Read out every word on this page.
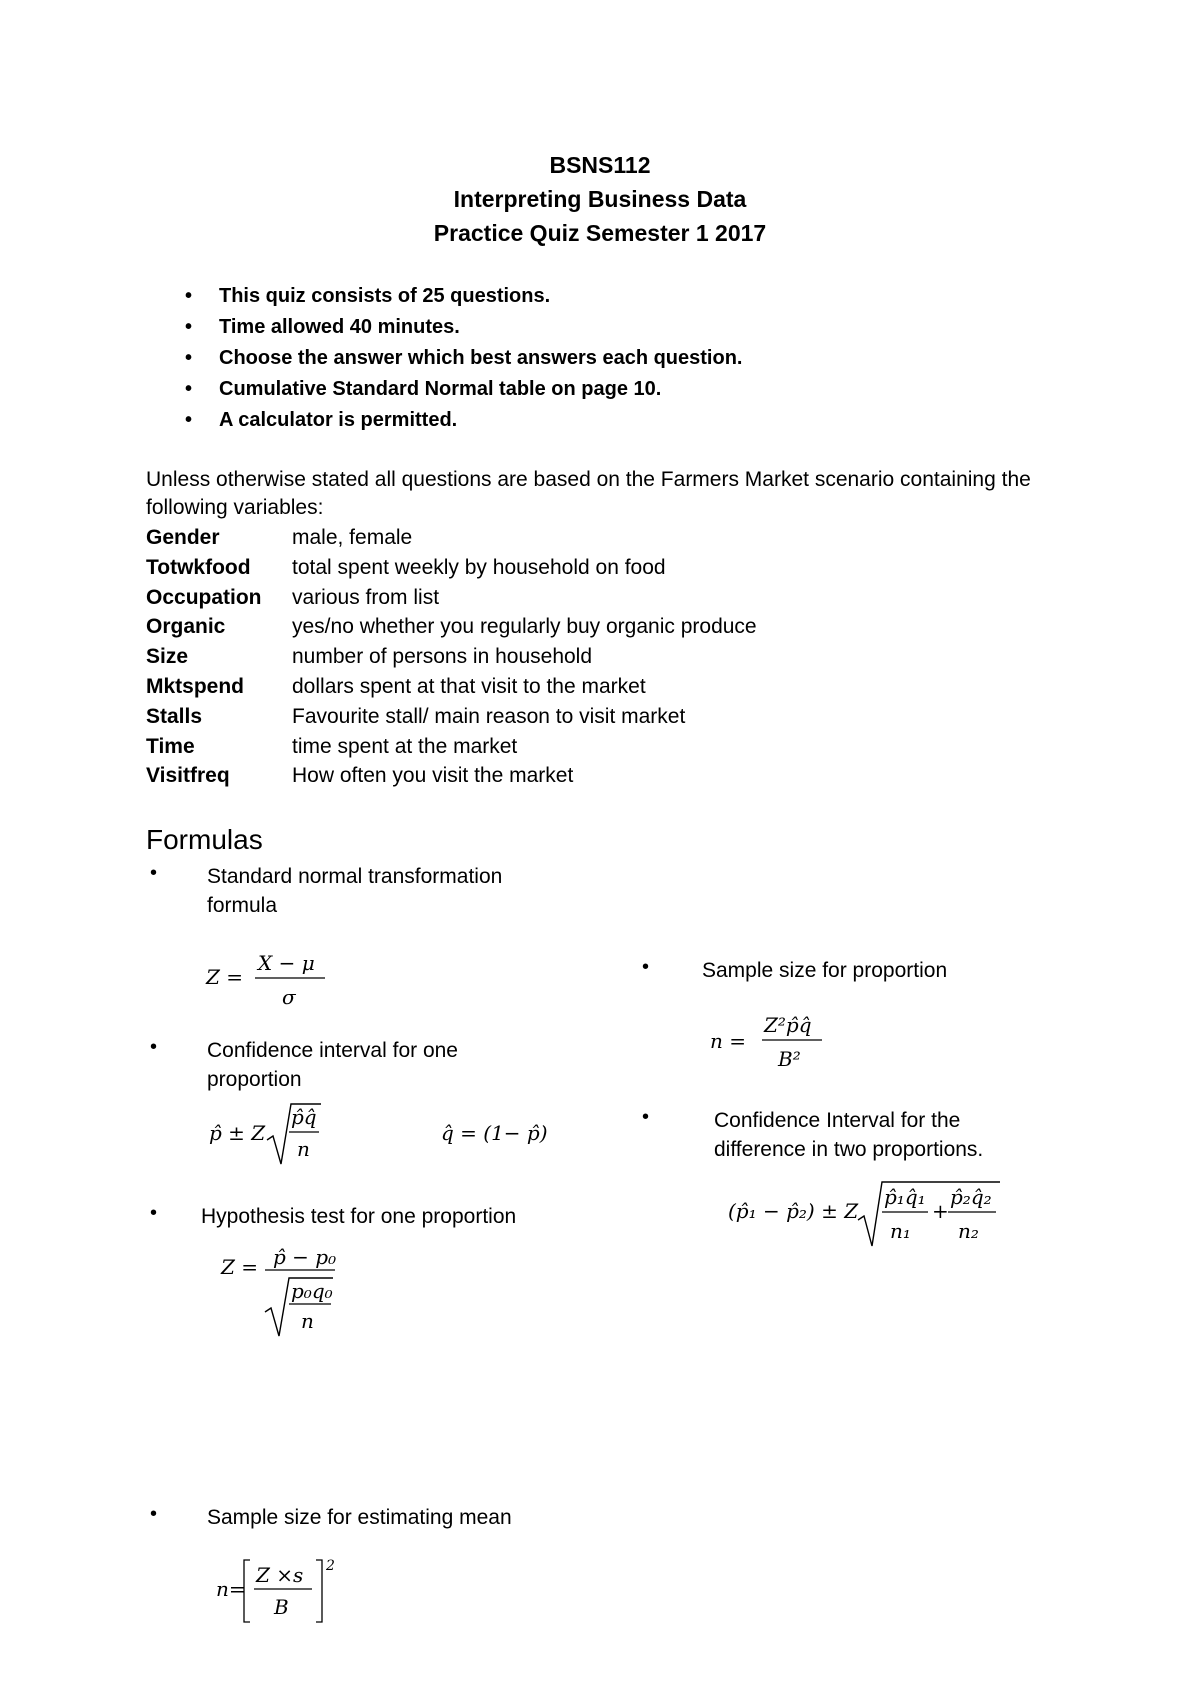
BSNS112
Interpreting Business Data
Practice Quiz Semester 1 2017
• This quiz consists of 25 questions.
• Time allowed 40 minutes.
• Choose the answer which best answers each question.
• Cumulative Standard Normal table on page 10.
• A calculator is permitted.
Unless otherwise stated all questions are based on the Farmers Market scenario containing the following variables:
Gender	male, female
Totwkfood	total spent weekly by household on food
Occupation	various from list
Organic	yes/no whether you regularly buy organic produce
Size	number of persons in household
Mktspend	dollars spent at that visit to the market
Stalls	Favourite stall/ main reason to visit market
Time	time spent at the market
Visitfreq	How often you visit the market
Formulas
• Standard normal transformation
formula
Z =
X − μ
σ
• Confidence interval for one
proportion
p̂ ± Z
p̂q̂
n
q̂ = (1− p̂)
• Hypothesis test for one proportion
Z = p̂ − p₀
p₀q₀
n
• Sample size for estimating mean
n=
Z ×s
B
2
•	Sample size for proportion
n =
Z²p̂q̂
B²
•	Confidence Interval for the
difference in two proportions.
(p̂₁ − p̂₂) ± Z
p̂₁q̂₁
n₁
+
p̂₂q̂₂
n₂
